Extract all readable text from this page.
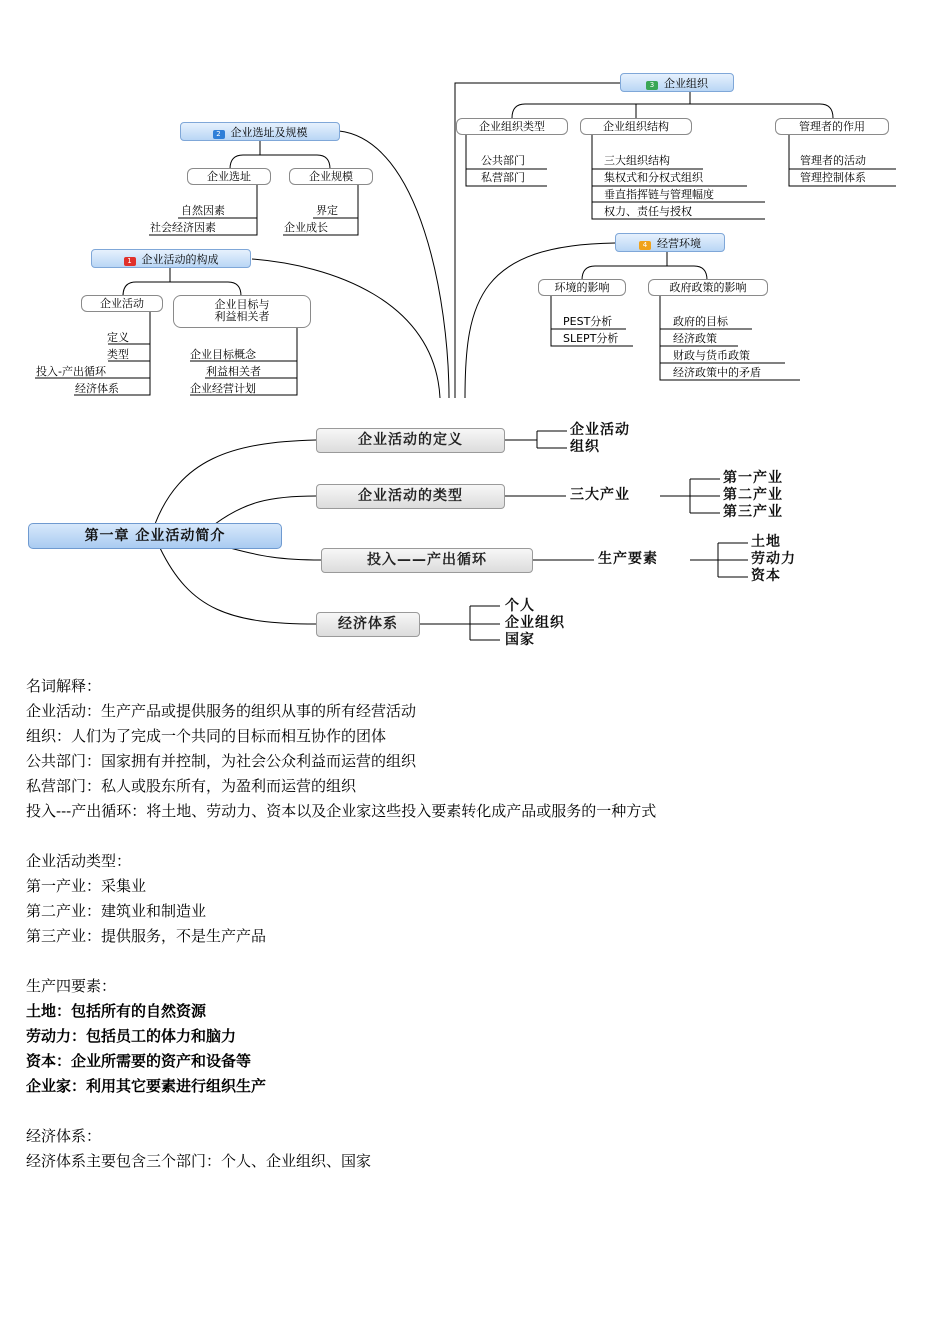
3 企业组织
企业组织类型
公共部门
私营部门
企业组织结构
三大组织结构
集权式和分权式组织
垂直指挥链与管理幅度
权力、责任与授权
管理者的作用
管理者的活动
管理控制体系
2 企业选址及规模
企业选址
自然因素
社会经济因素
企业规模
界定
企业成长
1 企业活动的构成
企业活动
定义
类型
投入-产出循环
经济体系
企业目标与
利益相关者
企业目标概念
利益相关者
企业经营计划
4 经营环境
环境的影响
PEST分析
SLEPT分析
政府政策的影响
政府的目标
经济政策
财政与货币政策
经济政策中的矛盾
第一章 企业活动简介
企业活动的定义
企业活动
组织
企业活动的类型	三大产业
第一产业
第二产业
第三产业
投入——产出循环	生产要素
土地
劳动力
资本
经济体系
个人
企业组织
国家

名词解释：

企业活动：生产产品或提供服务的组织从事的所有经营活动

组织：人们为了完成一个共同的目标而相互协作的团体

公共部门：国家拥有并控制，为社会公众利益而运营的组织

私营部门：私人或股东所有，为盈利而运营的组织

投入---产出循环：将土地、劳动力、资本以及企业家这些投入要素转化成产品或服务的一种方式

企业活动类型：

第一产业：采集业

第二产业：建筑业和制造业

第三产业：提供服务，不是生产产品

生产四要素：

土地：包括所有的自然资源

劳动力：包括员工的体力和脑力

资本：企业所需要的资产和设备等

企业家：利用其它要素进行组织生产

经济体系：

经济体系主要包含三个部门：个人、企业组织、国家
